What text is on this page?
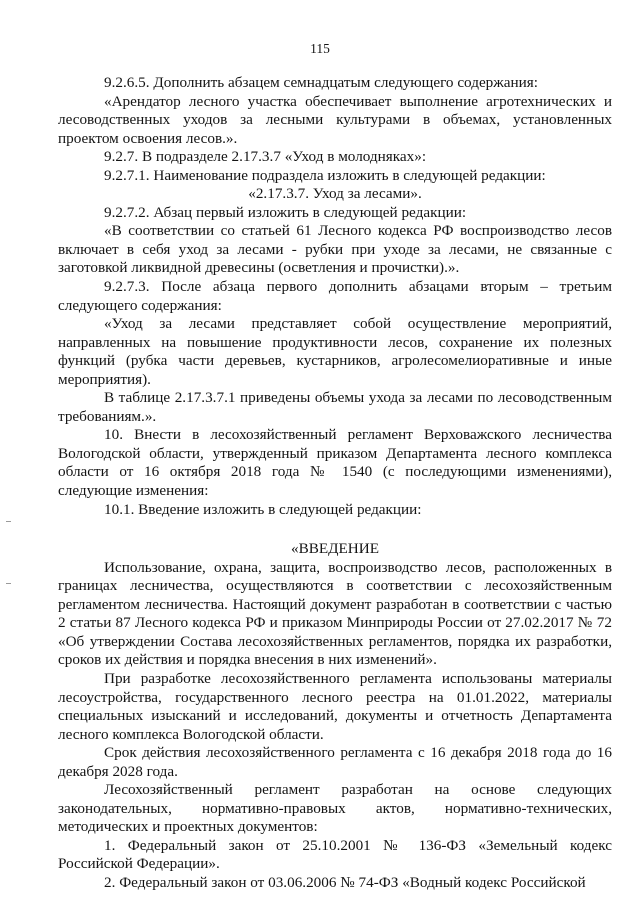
115

9.2.6.5. Дополнить абзацем семнадцатым следующего содержания:

«Арендатор лесного участка обеспечивает выполнение агротехнических и лесоводственных уходов за лесными культурами в объемах, установленных проектом освоения лесов.».

9.2.7. В подразделе 2.17.3.7 «Уход в молодняках»:

9.2.7.1. Наименование подраздела изложить в следующей редакции:

«2.17.3.7. Уход за лесами».

9.2.7.2. Абзац первый изложить в следующей редакции:

«В соответствии со статьей 61 Лесного кодекса РФ воспроизводство лесов включает в себя уход за лесами - рубки при уходе за лесами, не связанные с заготовкой ликвидной древесины (осветления и прочистки).».

9.2.7.3. После абзаца первого дополнить абзацами вторым – третьим следующего содержания:

«Уход за лесами представляет собой осуществление мероприятий, направленных на повышение продуктивности лесов, сохранение их полезных функций (рубка части деревьев, кустарников, агролесомелиоративные и иные мероприятия).

В таблице 2.17.3.7.1 приведены объемы ухода за лесами по лесоводственным требованиям.».

10. Внести в лесохозяйственный регламент Верховажского лесничества Вологодской области, утвержденный приказом Департамента лесного комплекса области от 16 октября 2018 года № 1540 (с последующими изменениями), следующие изменения:

10.1. Введение изложить в следующей редакции:

«ВВЕДЕНИЕ

Использование, охрана, защита, воспроизводство лесов, расположенных в границах лесничества, осуществляются в соответствии с лесохозяйственным регламентом лесничества. Настоящий документ разработан в соответствии с частью 2 статьи 87 Лесного кодекса РФ и приказом Минприроды России от 27.02.2017 № 72 «Об утверждении Состава лесохозяйственных регламентов, порядка их разработки, сроков их действия и порядка внесения в них изменений».

При разработке лесохозяйственного регламента использованы материалы лесоустройства, государственного лесного реестра на 01.01.2022, материалы специальных изысканий и исследований, документы и отчетность Департамента лесного комплекса Вологодской области.

Срок действия лесохозяйственного регламента с 16 декабря 2018 года до 16 декабря 2028 года.

Лесохозяйственный регламент разработан на основе следующих законодательных, нормативно-правовых актов, нормативно-технических, методических и проектных документов:

1. Федеральный закон от 25.10.2001 № 136-ФЗ «Земельный кодекс Российской Федерации».

2. Федеральный закон от 03.06.2006 № 74-ФЗ «Водный кодекс Российской
